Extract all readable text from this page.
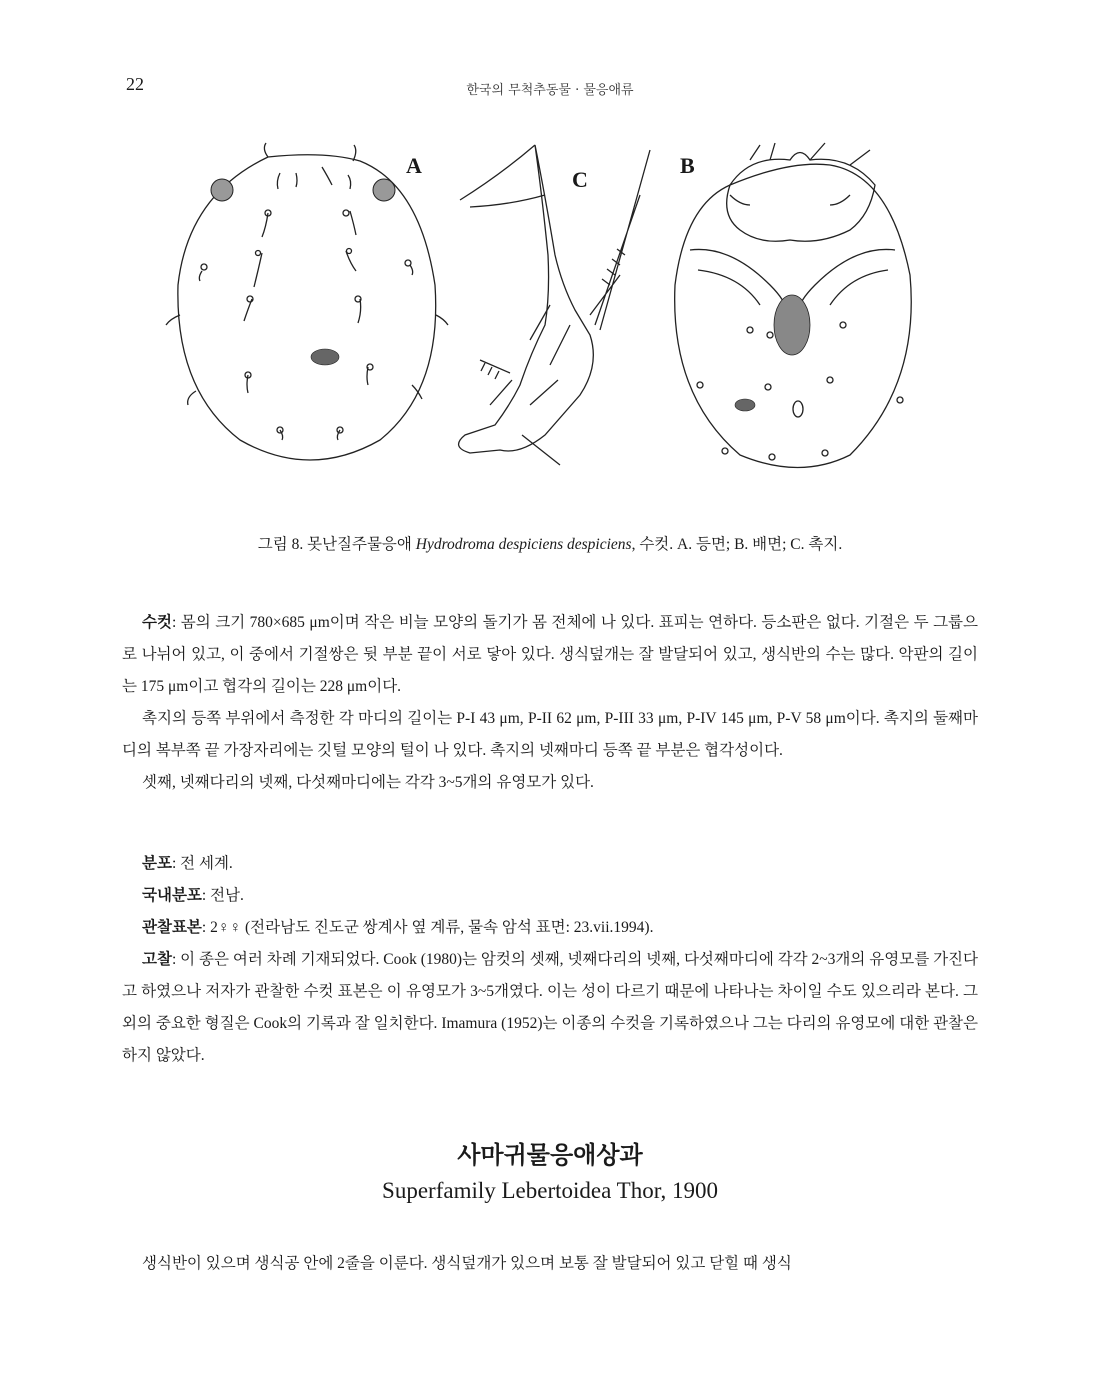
22	한국의 무척추동물 · 물응애류
A
C
B
그림 8. 못난질주물응애 Hydrodroma despiciens despiciens, 수컷. A. 등면; B. 배면; C. 촉지.

수컷: 몸의 크기 780×685 μm이며 작은 비늘 모양의 돌기가 몸 전체에 나 있다. 표피는 연하다. 등소판은 없다. 기절은 두 그룹으로 나뉘어 있고, 이 중에서 기절쌍은 뒷 부분 끝이 서로 닿아 있다. 생식덮개는 잘 발달되어 있고, 생식반의 수는 많다. 악판의 길이는 175 μm이고 협각의 길이는 228 μm이다.

촉지의 등쪽 부위에서 측정한 각 마디의 길이는 P-I 43 μm, P-II 62 μm, P-III 33 μm, P-IV 145 μm, P-V 58 μm이다. 촉지의 둘째마디의 복부쪽 끝 가장자리에는 깃털 모양의 털이 나 있다. 촉지의 넷째마디 등쪽 끝 부분은 협각성이다.

셋째, 넷째다리의 넷째, 다섯째마디에는 각각 3~5개의 유영모가 있다.

분포: 전 세계.

국내분포: 전남.

관찰표본: 2♀♀ (전라남도 진도군 쌍계사 옆 계류, 물속 암석 표면: 23.vii.1994).

고찰: 이 종은 여러 차례 기재되었다. Cook (1980)는 암컷의 셋째, 넷째다리의 넷째, 다섯째마디에 각각 2~3개의 유영모를 가진다고 하였으나 저자가 관찰한 수컷 표본은 이 유영모가 3~5개였다. 이는 성이 다르기 때문에 나타나는 차이일 수도 있으리라 본다. 그 외의 중요한 형질은 Cook의 기록과 잘 일치한다. Imamura (1952)는 이종의 수컷을 기록하였으나 그는 다리의 유영모에 대한 관찰은 하지 않았다.

사마귀물응애상과
Superfamily Lebertoidea Thor, 1900

생식반이 있으며 생식공 안에 2줄을 이룬다. 생식덮개가 있으며 보통 잘 발달되어 있고 닫힐 때 생식
